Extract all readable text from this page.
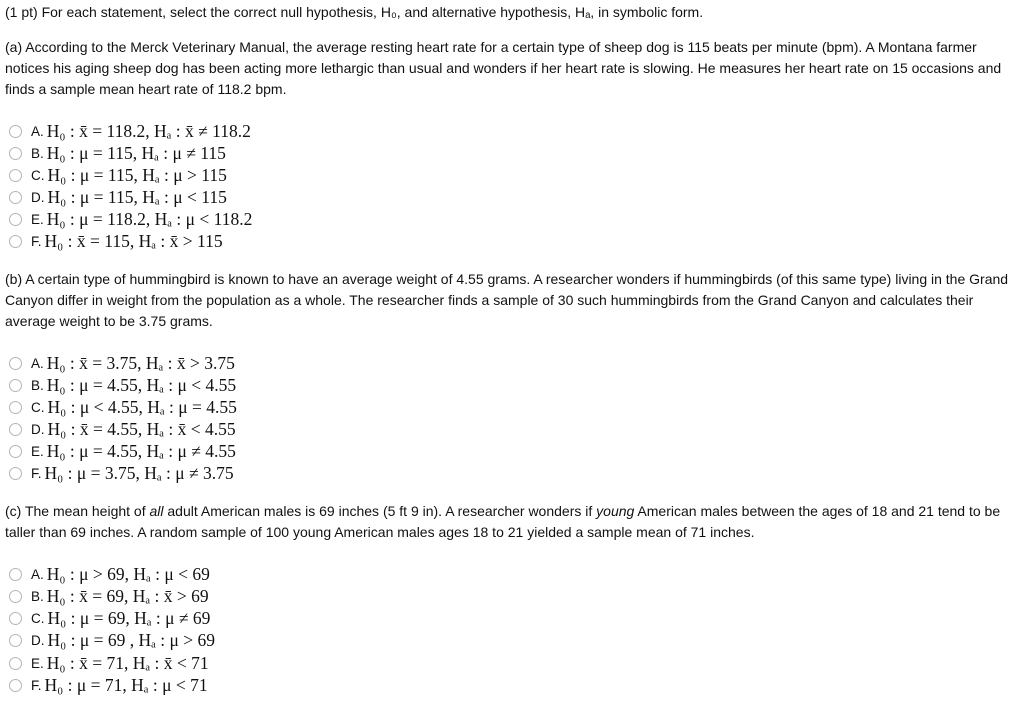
(1 pt) For each statement, select the correct null hypothesis, H₀, and alternative hypothesis, Hₐ, in symbolic form.
(a) According to the Merck Veterinary Manual, the average resting heart rate for a certain type of sheep dog is 115 beats per minute (bpm). A Montana farmer notices his aging sheep dog has been acting more lethargic than usual and wonders if her heart rate is slowing. He measures her heart rate on 15 occasions and finds a sample mean heart rate of 118.2 bpm.
A. H₀ : x̄ = 118.2, Hₐ : x̄ ≠ 118.2
B. H₀ : μ = 115, Hₐ : μ ≠ 115
C. H₀ : μ = 115, Hₐ : μ > 115
D. H₀ : μ = 115, Hₐ : μ < 115
E. H₀ : μ = 118.2, Hₐ : μ < 118.2
F. H₀ : x̄ = 115, Hₐ : x̄ > 115
(b) A certain type of hummingbird is known to have an average weight of 4.55 grams. A researcher wonders if hummingbirds (of this same type) living in the Grand Canyon differ in weight from the population as a whole. The researcher finds a sample of 30 such hummingbirds from the Grand Canyon and calculates their average weight to be 3.75 grams.
A. H₀ : x̄ = 3.75, Hₐ : x̄ > 3.75
B. H₀ : μ = 4.55, Hₐ : μ < 4.55
C. H₀ : μ < 4.55, Hₐ : μ = 4.55
D. H₀ : x̄ = 4.55, Hₐ : x̄ < 4.55
E. H₀ : μ = 4.55, Hₐ : μ ≠ 4.55
F. H₀ : μ = 3.75, Hₐ : μ ≠ 3.75
(c) The mean height of all adult American males is 69 inches (5 ft 9 in). A researcher wonders if young American males between the ages of 18 and 21 tend to be taller than 69 inches. A random sample of 100 young American males ages 18 to 21 yielded a sample mean of 71 inches.
A. H₀ : μ > 69, Hₐ : μ < 69
B. H₀ : x̄ = 69, Hₐ : x̄ > 69
C. H₀ : μ = 69, Hₐ : μ ≠ 69
D. H₀ : μ = 69 , Hₐ : μ > 69
E. H₀ : x̄ = 71, Hₐ : x̄ < 71
F. H₀ : μ = 71, Hₐ : μ < 71
